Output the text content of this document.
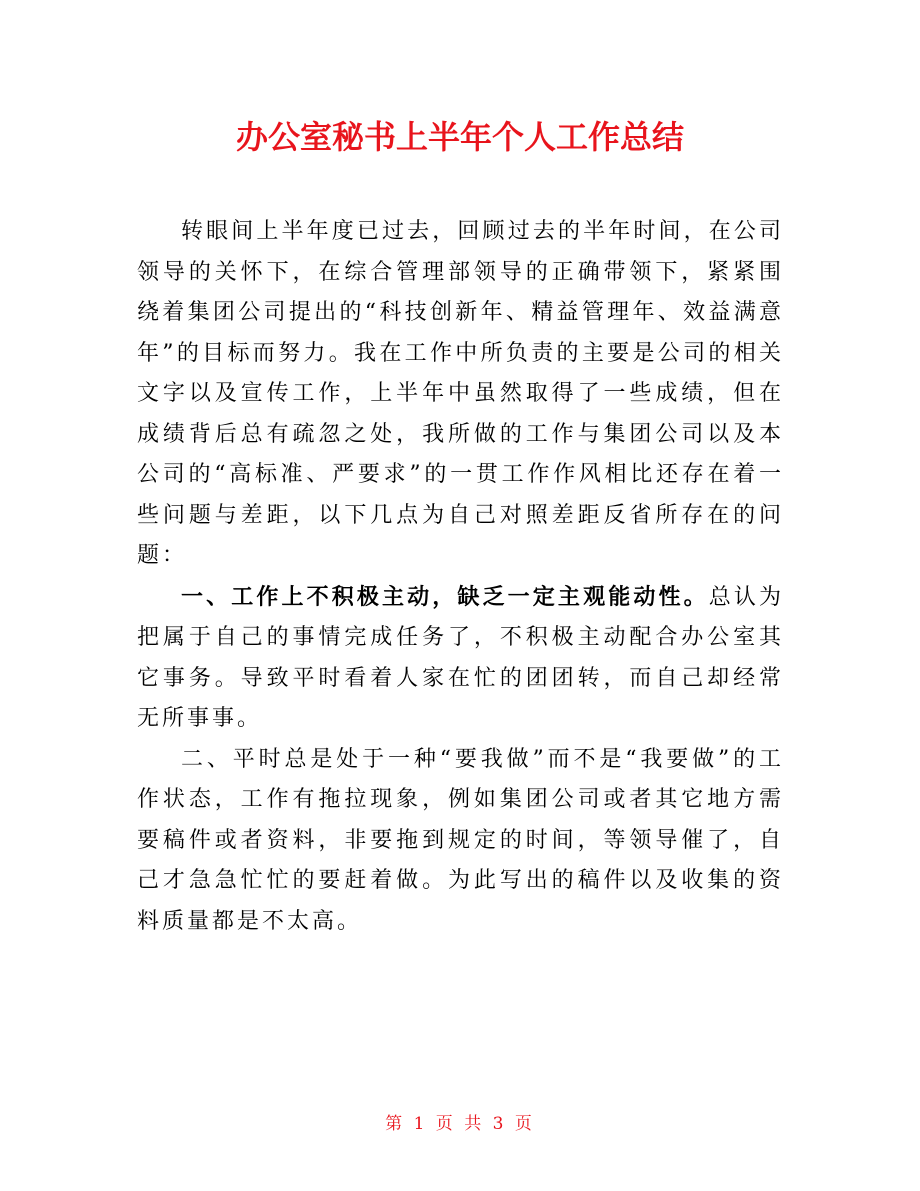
办公室秘书上半年个人工作总结

转眼间上半年度已过去，回顾过去的半年时间，在公司领导的关怀下，在综合管理部领导的正确带领下，紧紧围绕着集团公司提出的“科技创新年、精益管理年、效益满意年”的目标而努力。我在工作中所负责的主要是公司的相关文字以及宣传工作，上半年中虽然取得了一些成绩，但在成绩背后总有疏忽之处，我所做的工作与集团公司以及本公司的“高标准、严要求”的一贯工作作风相比还存在着一些问题与差距，以下几点为自己对照差距反省所存在的问题：

一、工作上不积极主动，缺乏一定主观能动性。总认为把属于自己的事情完成任务了，不积极主动配合办公室其它事务。导致平时看着人家在忙的团团转，而自己却经常无所事事。

二、平时总是处于一种“要我做”而不是“我要做”的工作状态，工作有拖拉现象，例如集团公司或者其它地方需要稿件或者资料，非要拖到规定的时间，等领导催了，自己才急急忙忙的要赶着做。为此写出的稿件以及收集的资料质量都是不太高。

第 1 页 共 3 页
